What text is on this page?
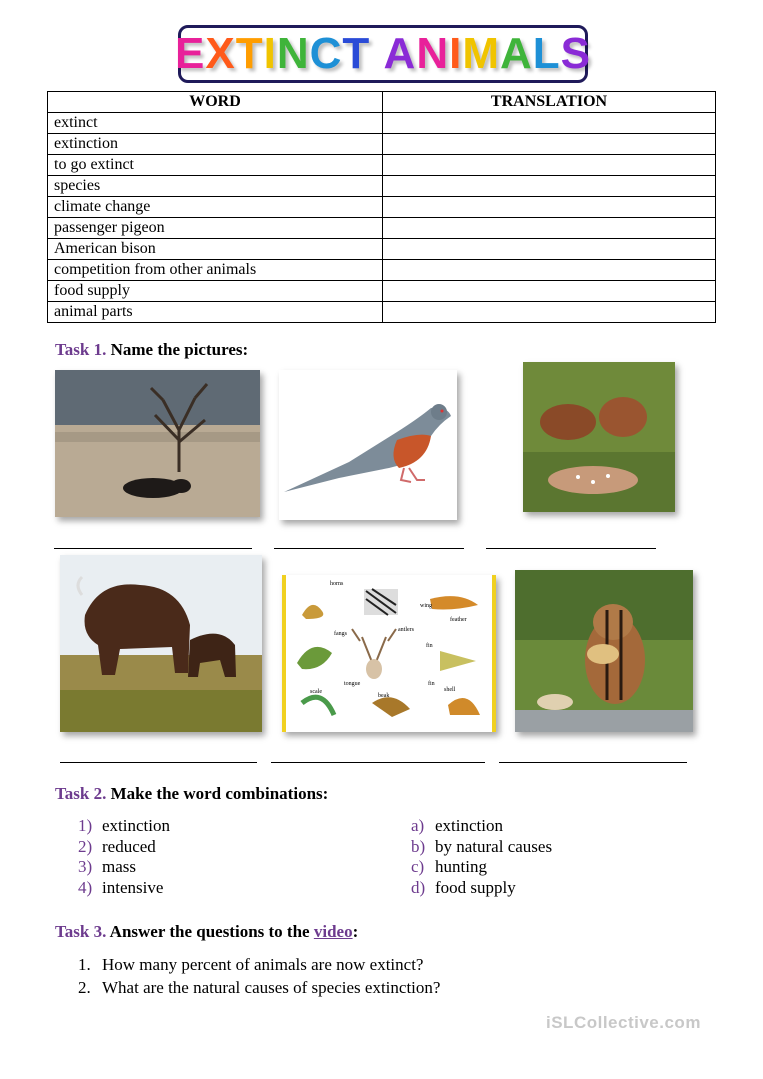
E X T I N C T
A N I M A L S
WORD	TRANSLATION
extinct	
extinction	
to go extinct	
species	
climate change	
passenger pigeon	
American bison	
competition from other animals	
food supply	
animal parts	
Task 1. Name the pictures:
horns
wing
fangs
antlers
feather
fin
tongue	fin
scale
beak
shell
Task 2. Make the word combinations:
1) extinction
2) reduced
3) mass
4) intensive
a) extinction
b) by natural causes
c) hunting
d) food supply
Task 3. Answer the questions to the video:
1. How many percent of animals are now extinct?
2. What are the natural causes of species extinction?
iSLCollective.com
